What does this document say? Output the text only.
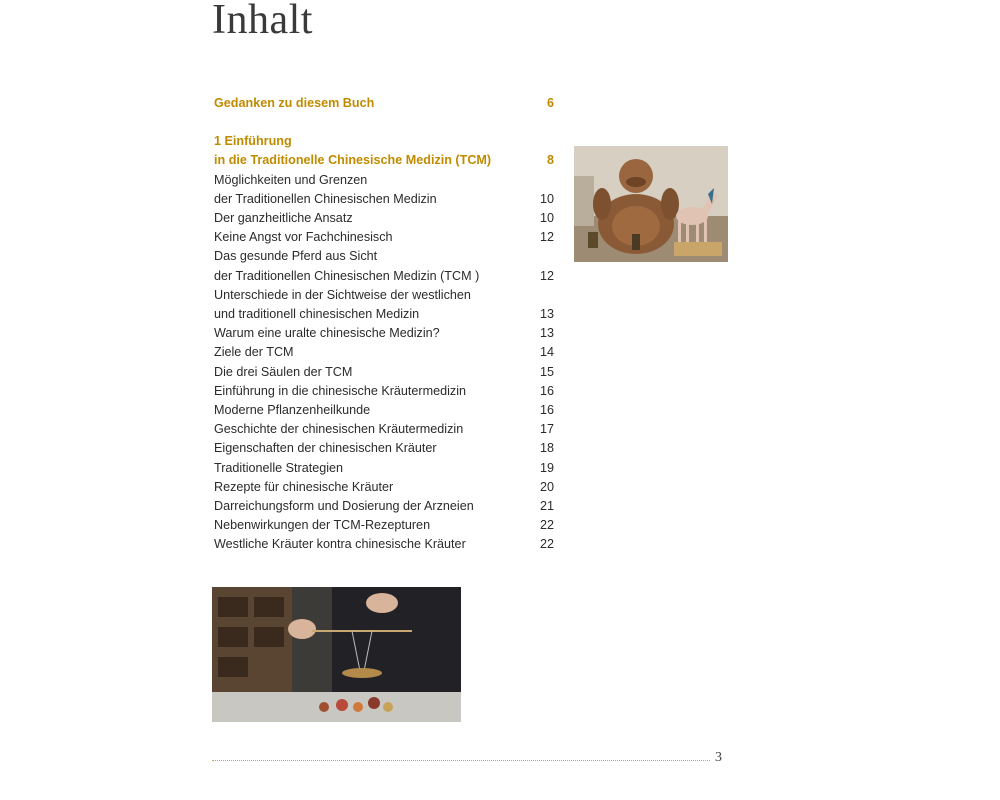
Inhalt
Gedanken zu diesem Buch	6
1 Einführung
in die Traditionelle Chinesische Medizin (TCM)	8
Möglichkeiten und Grenzen
der Traditionellen Chinesischen Medizin	10
Der ganzheitliche Ansatz	10
Keine Angst vor Fachchinesisch	12
Das gesunde Pferd aus Sicht
der Traditionellen Chinesischen Medizin (TCM )	12
Unterschiede in der Sichtweise der westlichen
und traditionell chinesischen Medizin	13
Warum eine uralte chinesische Medizin?	13
Ziele der TCM	14
Die drei Säulen der TCM	15
Einführung in die chinesische Kräutermedizin	16
Moderne Pflanzenheilkunde	16
Geschichte der chinesischen Kräutermedizin	17
Eigenschaften der chinesischen Kräuter	18
Traditionelle Strategien	19
Rezepte für chinesische Kräuter	20
Darreichungsform und Dosierung der Arzneien	21
Nebenwirkungen der TCM-Rezepturen	22
Westliche Kräuter kontra chinesische Kräuter	22
3
